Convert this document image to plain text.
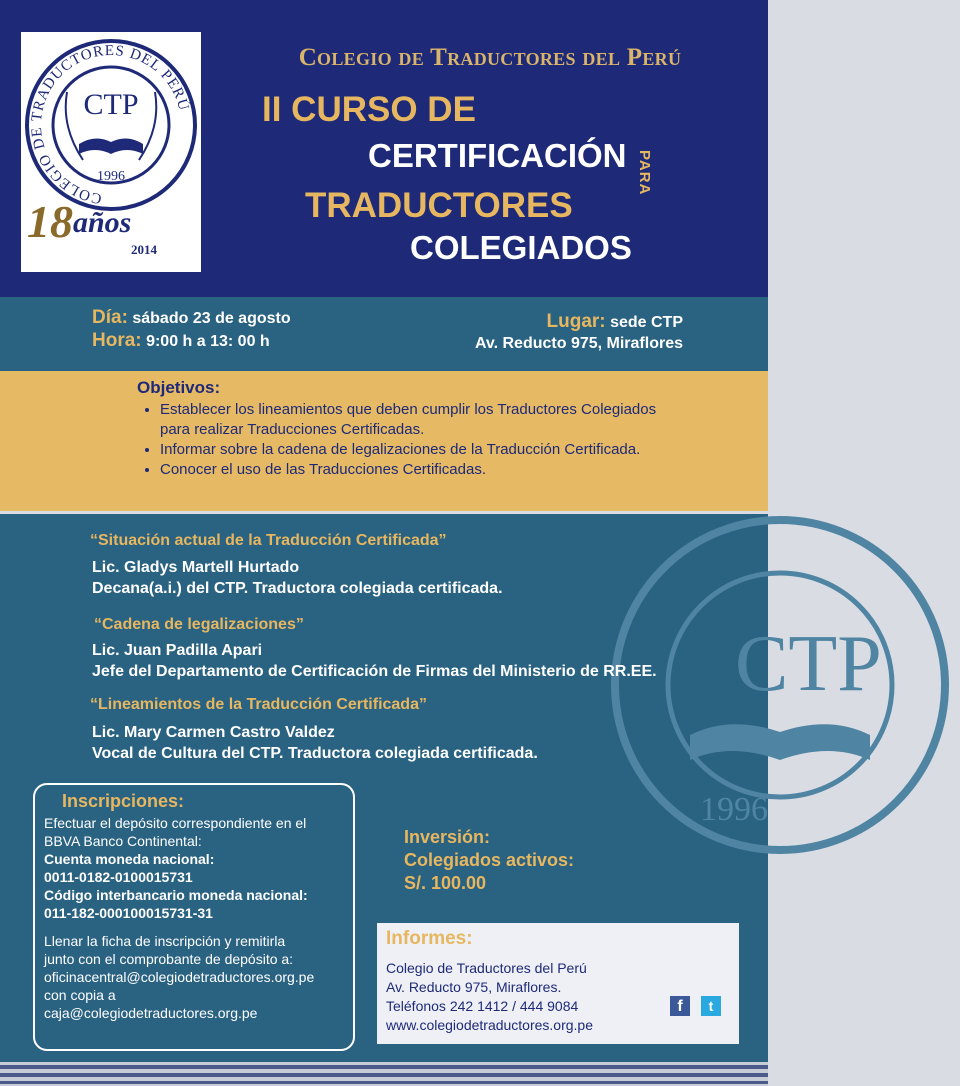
COLEGIO DE TRADUCTORES DEL PERÚ
CTP
1996
18 años
2014
Colegio de Traductores del Perú
II CURSO DE
CERTIFICACIÓN PARA
TRADUCTORES
COLEGIADOS
Día: sábado 23 de agosto
Hora: 9:00 h a 13: 00 h
Lugar: sede CTP
Av. Reducto 975, Miraflores
Objetivos:
• Establecer los lineamientos que deben cumplir los Traductores Colegiados para realizar Traducciones Certificadas.
• Informar sobre la cadena de legalizaciones de la Traducción Certificada.
• Conocer el uso de las Traducciones Certificadas.
CTP
1996
“Situación actual de la Traducción Certificada”
Lic. Gladys Martell Hurtado
Decana(a.i.) del CTP. Traductora colegiada certificada.
“Cadena de legalizaciones”
Lic. Juan Padilla Apari
Jefe del Departamento de Certificación de Firmas del Ministerio de RR.EE.
“Lineamientos de la Traducción Certificada”
Lic. Mary Carmen Castro Valdez
Vocal de Cultura del CTP. Traductora colegiada certificada.
Inscripciones:
Efectuar el depósito correspondiente en el
BBVA Banco Continental:
Cuenta moneda nacional:
0011-0182-0100015731
Código interbancario moneda nacional:
011-182-000100015731-31
Llenar la ficha de inscripción y remitirla
junto con el comprobante de depósito a:
oficinacentral@colegiodetraductores.org.pe
con copia a
caja@colegiodetraductores.org.pe
Inversión:
Colegiados activos:
S/. 100.00
Informes:
Colegio de Traductores del Perú
Av. Reducto 975, Miraflores.
Teléfonos 242 1412 / 444 9084
www.colegiodetraductores.org.pe
f	t
